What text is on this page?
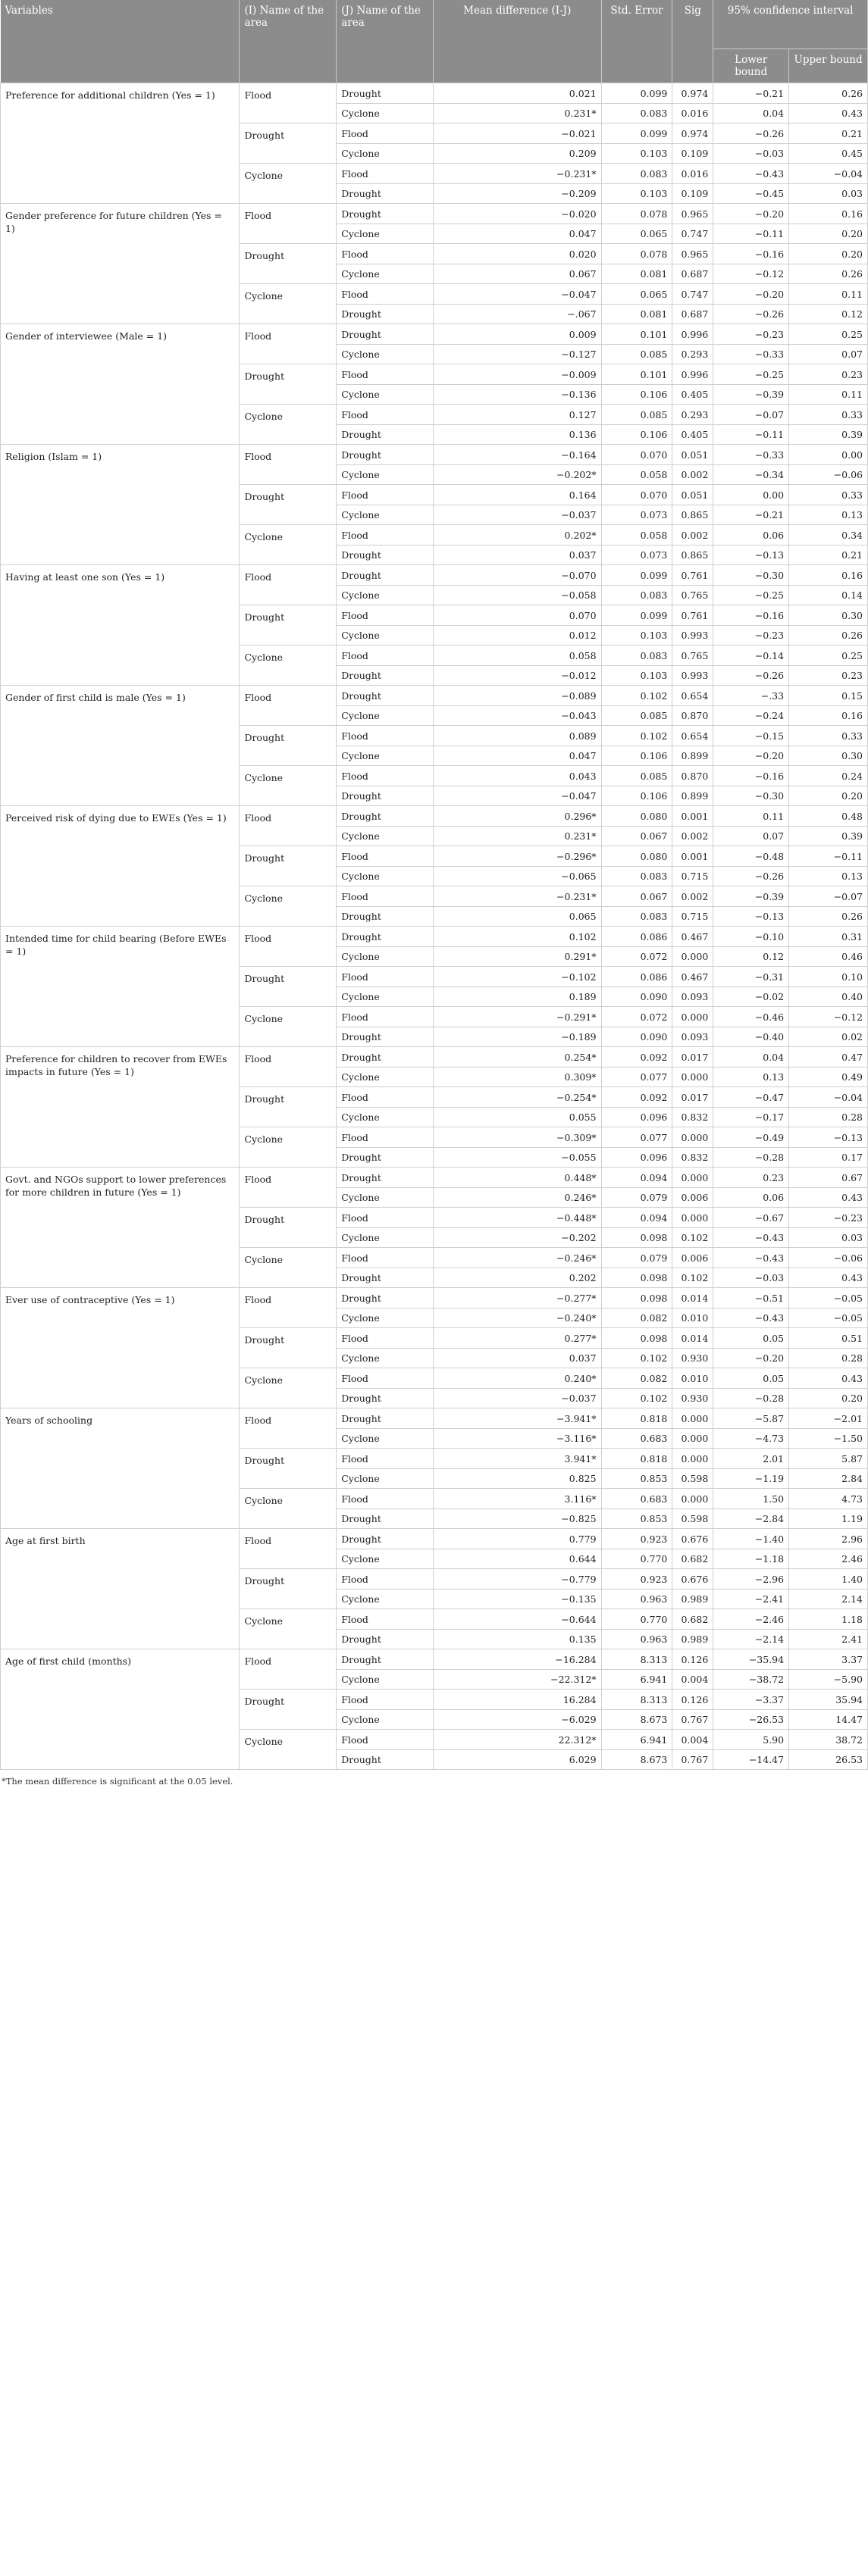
Variables	(I) Name of the area	(J) Name of the area	Mean difference (I-J)	Std. Error	Sig	95% confidence interval	
						Lower bound	Upper bound
Preference for additional children (Yes = 1)	Flood	Drought	0.021	0.099	0.974	−0.21	0.26
		Cyclone	0.231*	0.083	0.016	0.04	0.43
	Drought	Flood	−0.021	0.099	0.974	−0.26	0.21
		Cyclone	0.209	0.103	0.109	−0.03	0.45
	Cyclone	Flood	−0.231*	0.083	0.016	−0.43	−0.04
		Drought	−0.209	0.103	0.109	−0.45	0.03
Gender preference for future children (Yes = 1)	Flood	Drought	−0.020	0.078	0.965	−0.20	0.16
		Cyclone	0.047	0.065	0.747	−0.11	0.20
	Drought	Flood	0.020	0.078	0.965	−0.16	0.20
		Cyclone	0.067	0.081	0.687	−0.12	0.26
	Cyclone	Flood	−0.047	0.065	0.747	−0.20	0.11
		Drought	−.067	0.081	0.687	−0.26	0.12
Gender of interviewee (Male = 1)	Flood	Drought	0.009	0.101	0.996	−0.23	0.25
		Cyclone	−0.127	0.085	0.293	−0.33	0.07
	Drought	Flood	−0.009	0.101	0.996	−0.25	0.23
		Cyclone	−0.136	0.106	0.405	−0.39	0.11
	Cyclone	Flood	0.127	0.085	0.293	−0.07	0.33
		Drought	0.136	0.106	0.405	−0.11	0.39
Religion (Islam = 1)	Flood	Drought	−0.164	0.070	0.051	−0.33	0.00
		Cyclone	−0.202*	0.058	0.002	−0.34	−0.06
	Drought	Flood	0.164	0.070	0.051	0.00	0.33
		Cyclone	−0.037	0.073	0.865	−0.21	0.13
	Cyclone	Flood	0.202*	0.058	0.002	0.06	0.34
		Drought	0.037	0.073	0.865	−0.13	0.21
Having at least one son (Yes = 1)	Flood	Drought	−0.070	0.099	0.761	−0.30	0.16
		Cyclone	−0.058	0.083	0.765	−0.25	0.14
	Drought	Flood	0.070	0.099	0.761	−0.16	0.30
		Cyclone	0.012	0.103	0.993	−0.23	0.26
	Cyclone	Flood	0.058	0.083	0.765	−0.14	0.25
		Drought	−0.012	0.103	0.993	−0.26	0.23
Gender of first child is male (Yes = 1)	Flood	Drought	−0.089	0.102	0.654	−.33	0.15
		Cyclone	−0.043	0.085	0.870	−0.24	0.16
	Drought	Flood	0.089	0.102	0.654	−0.15	0.33
		Cyclone	0.047	0.106	0.899	−0.20	0.30
	Cyclone	Flood	0.043	0.085	0.870	−0.16	0.24
		Drought	−0.047	0.106	0.899	−0.30	0.20
Perceived risk of dying due to EWEs (Yes = 1)	Flood	Drought	0.296*	0.080	0.001	0.11	0.48
		Cyclone	0.231*	0.067	0.002	0.07	0.39
	Drought	Flood	−0.296*	0.080	0.001	−0.48	−0.11
		Cyclone	−0.065	0.083	0.715	−0.26	0.13
	Cyclone	Flood	−0.231*	0.067	0.002	−0.39	−0.07
		Drought	0.065	0.083	0.715	−0.13	0.26
Intended time for child bearing (Before EWEs = 1)	Flood	Drought	0.102	0.086	0.467	−0.10	0.31
		Cyclone	0.291*	0.072	0.000	0.12	0.46
	Drought	Flood	−0.102	0.086	0.467	−0.31	0.10
		Cyclone	0.189	0.090	0.093	−0.02	0.40
	Cyclone	Flood	−0.291*	0.072	0.000	−0.46	−0.12
		Drought	−0.189	0.090	0.093	−0.40	0.02
Preference for children to recover from EWEs impacts in future (Yes = 1)	Flood	Drought	0.254*	0.092	0.017	0.04	0.47
		Cyclone	0.309*	0.077	0.000	0.13	0.49
	Drought	Flood	−0.254*	0.092	0.017	−0.47	−0.04
		Cyclone	0.055	0.096	0.832	−0.17	0.28
	Cyclone	Flood	−0.309*	0.077	0.000	−0.49	−0.13
		Drought	−0.055	0.096	0.832	−0.28	0.17
Govt. and NGOs support to lower preferences for more children in future (Yes = 1)	Flood	Drought	0.448*	0.094	0.000	0.23	0.67
		Cyclone	0.246*	0.079	0.006	0.06	0.43
	Drought	Flood	−0.448*	0.094	0.000	−0.67	−0.23
		Cyclone	−0.202	0.098	0.102	−0.43	0.03
	Cyclone	Flood	−0.246*	0.079	0.006	−0.43	−0.06
		Drought	0.202	0.098	0.102	−0.03	0.43
Ever use of contraceptive (Yes = 1)	Flood	Drought	−0.277*	0.098	0.014	−0.51	−0.05
		Cyclone	−0.240*	0.082	0.010	−0.43	−0.05
	Drought	Flood	0.277*	0.098	0.014	0.05	0.51
		Cyclone	0.037	0.102	0.930	−0.20	0.28
	Cyclone	Flood	0.240*	0.082	0.010	0.05	0.43
		Drought	−0.037	0.102	0.930	−0.28	0.20
Years of schooling	Flood	Drought	−3.941*	0.818	0.000	−5.87	−2.01
		Cyclone	−3.116*	0.683	0.000	−4.73	−1.50
	Drought	Flood	3.941*	0.818	0.000	2.01	5.87
		Cyclone	0.825	0.853	0.598	−1.19	2.84
	Cyclone	Flood	3.116*	0.683	0.000	1.50	4.73
		Drought	−0.825	0.853	0.598	−2.84	1.19
Age at first birth	Flood	Drought	0.779	0.923	0.676	−1.40	2.96
		Cyclone	0.644	0.770	0.682	−1.18	2.46
	Drought	Flood	−0.779	0.923	0.676	−2.96	1.40
		Cyclone	−0.135	0.963	0.989	−2.41	2.14
	Cyclone	Flood	−0.644	0.770	0.682	−2.46	1.18
		Drought	0.135	0.963	0.989	−2.14	2.41
Age of first child (months)	Flood	Drought	−16.284	8.313	0.126	−35.94	3.37
		Cyclone	−22.312*	6.941	0.004	−38.72	−5.90
	Drought	Flood	16.284	8.313	0.126	−3.37	35.94
		Cyclone	−6.029	8.673	0.767	−26.53	14.47
	Cyclone	Flood	22.312*	6.941	0.004	5.90	38.72
		Drought	6.029	8.673	0.767	−14.47	26.53
*The mean difference is significant at the 0.05 level.
